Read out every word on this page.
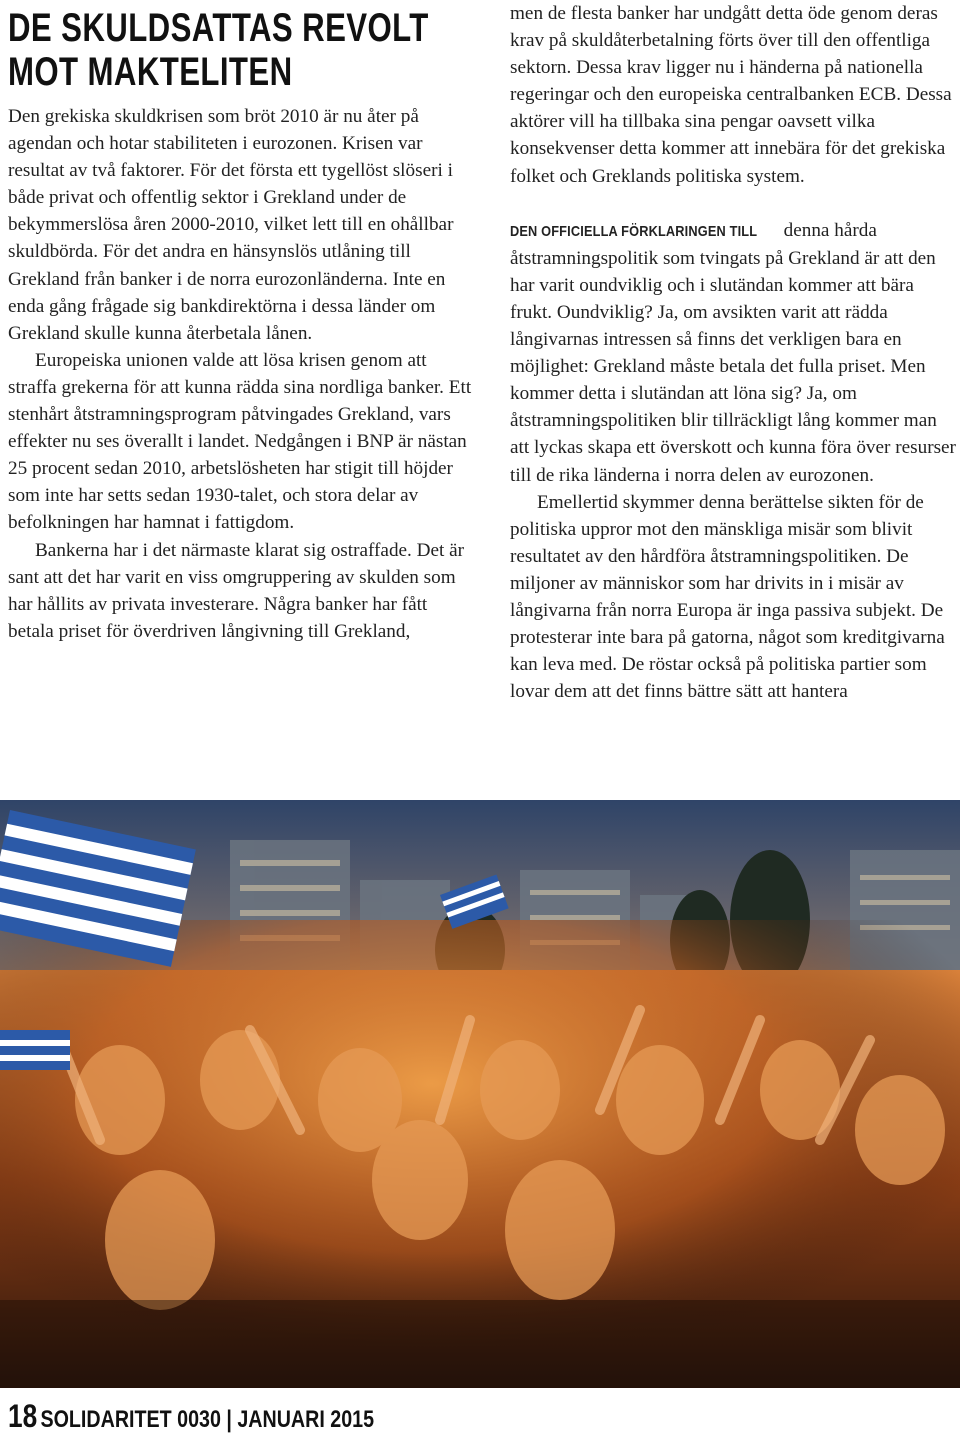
DE SKULDSATTAS REVOLT
MOT MAKTELITEN

Den grekiska skuldkrisen som bröt 2010 är nu åter på agendan och hotar stabiliteten i eurozonen. Krisen var resultat av två faktorer. För det första ett tygellöst slöseri i både privat och offentlig sektor i Grekland under de bekymmerslösa åren 2000-2010, vilket lett till en ohållbar skuldbörda. För det andra en hänsynslös utlåning till Grekland från banker i de norra eurozonländerna. Inte en enda gång frågade sig bankdirektörna i dessa länder om Grekland skulle kunna återbetala lånen.

Europeiska unionen valde att lösa krisen genom att straffa grekerna för att kunna rädda sina nordliga banker. Ett stenhårt åtstramningsprogram påtvingades Grekland, vars effekter nu ses överallt i landet. Nedgången i BNP är nästan 25 procent sedan 2010, arbetslösheten har stigit till höjder som inte har setts sedan 1930-talet, och stora delar av befolkningen har hamnat i fattigdom.

Bankerna har i det närmaste klarat sig ostraffade. Det är sant att det har varit en viss omgruppering av skulden som har hållits av privata investerare. Några banker har fått betala priset för överdriven långivning till Grekland,

men de flesta banker har undgått detta öde genom deras krav på skuldåterbetalning förts över till den offentliga sektorn. Dessa krav ligger nu i händerna på nationella regeringar och den europeiska centralbanken ECB. Dessa aktörer vill ha tillbaka sina pengar oavsett vilka konsekvenser detta kommer att innebära för det grekiska folket och Greklands politiska system.

DEN OFFICIELLA FÖRKLARINGEN TILL denna hårda åtstramningspolitik som tvingats på Grekland är att den har varit oundviklig och i slutändan kommer att bära frukt. Oundviklig? Ja, om avsikten varit att rädda långivarnas intressen så finns det verkligen bara en möjlighet: Grekland måste betala det fulla priset. Men kommer detta i slutändan att löna sig? Ja, om åtstramningspolitiken blir tillräckligt lång kommer man att lyckas skapa ett överskott och kunna föra över resurser till de rika länderna i norra delen av eurozonen.

Emellertid skymmer denna berättelse sikten för de politiska uppror mot den mänskliga misär som blivit resultatet av den hårdföra åtstramningspolitiken. De miljoner av människor som har drivits in i misär av långivarna från norra Europa är inga passiva subjekt. De protesterar inte bara på gatorna, något som kreditgivarna kan leva med. De röstar också på politiska partier som lovar dem att det finns bättre sätt att hantera

18 SOLIDARITET 0030 | JANUARI 2015
